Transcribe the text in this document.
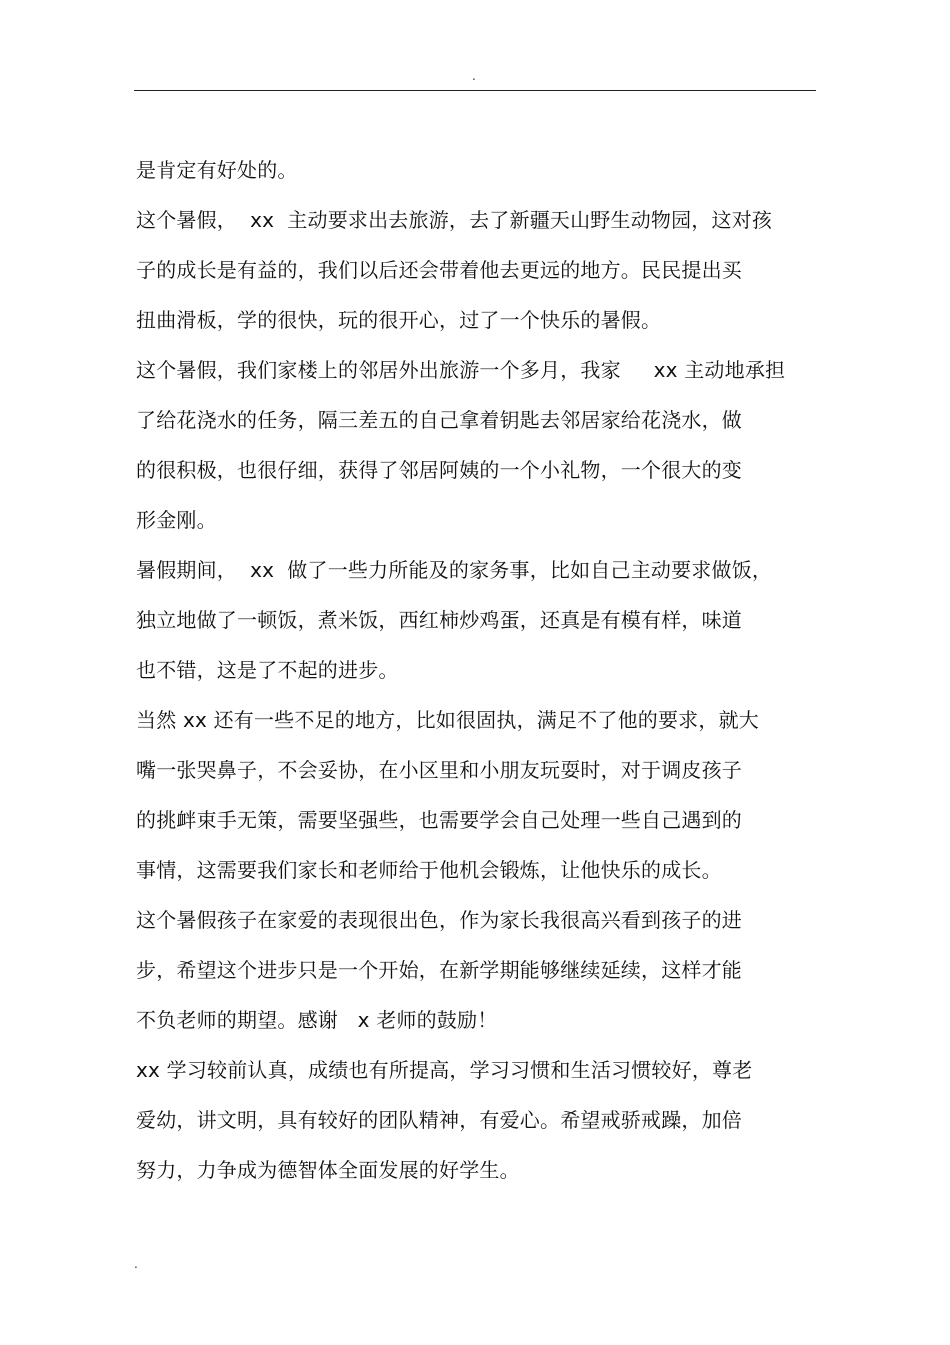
.
是肯定有好处的。
这个暑假，  xx  主动要求出去旅游，去了新疆天山野生动物园，这对孩
子的成长是有益的，我们以后还会带着他去更远的地方。民民提出买
扭曲滑板，学的很快，玩的很开心，过了一个快乐的暑假。
这个暑假，我们家楼上的邻居外出旅游一个多月，我家     xx 主动地承担
了给花浇水的任务，隔三差五的自己拿着钥匙去邻居家给花浇水，做
的很积极，也很仔细，获得了邻居阿姨的一个小礼物，一个很大的变
形金刚。
暑假期间，  xx  做了一些力所能及的家务事，比如自己主动要求做饭，
独立地做了一顿饭，煮米饭，西红柿炒鸡蛋，还真是有模有样，味道
也不错，这是了不起的进步。
当然 xx 还有一些不足的地方，比如很固执，满足不了他的要求，就大
嘴一张哭鼻子，不会妥协，在小区里和小朋友玩耍时，对于调皮孩子
的挑衅束手无策，需要坚强些，也需要学会自己处理一些自己遇到的
事情，这需要我们家长和老师给于他机会锻炼，让他快乐的成长。
这个暑假孩子在家爱的表现很出色，作为家长我很高兴看到孩子的进
步，希望这个进步只是一个开始，在新学期能够继续延续，这样才能
不负老师的期望。感谢   x 老师的鼓励！
xx 学习较前认真，成绩也有所提高，学习习惯和生活习惯较好，尊老
爱幼，讲文明，具有较好的团队精神，有爱心。希望戒骄戒躁，加倍
努力，力争成为德智体全面发展的好学生。
.
